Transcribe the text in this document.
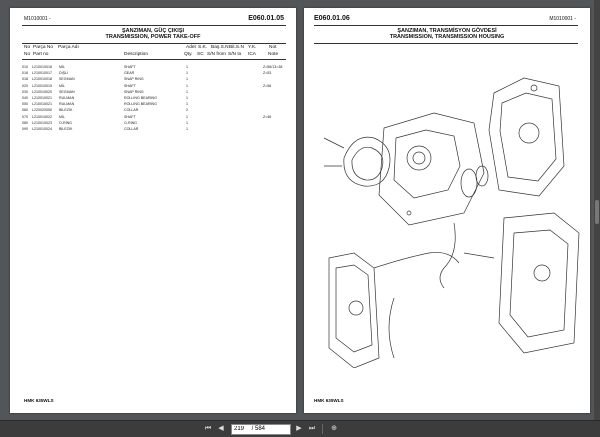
M1010001 -	E060.01.05
ŞANZIMAN, GÜÇ ÇIKIŞI
TRANSMISSION, POWER TAKE-OFF
No Parça No Parça Adı	Adet S.K. Baş.S.N Bit.S.N Y.K.	Not
No Part no	Description	Qty. SC S/N from S/N to ICA	Note
010 L210010016 MİL	SHAFT	1	Z=56/13=38
016 L210010017 DİŞLİ	GEAR	1	Z=53
018 L210010018 SEGMAN	SNAP RING	1
020 L210010019 MİL	SHAFT	1	Z=56
030 L210010020 SEGMAN	SNAP RING	1
040 L210010021 RULMAN	ROLLING BEARING	1
050 L210010021 RULMAN	ROLLING BEARING	1
060 L220020050 BİLEZİK	COLLAR	2
070 L210010022 MİL	SHAFT	1	Z=46
080 L210010023 O-RİNG	O-RING	1
090 L210010024 BİLEZİK	COLLAR	1
HMK 635WLS
E060.01.06	M1010001 -
ŞANZIMAN, TRANSMİSYON GÖVDESİ
TRANSMISSION, TRANSMISSION HOUSING
HMK 635WLS
⏮	◀
219	/ 584	▶	⏭	⊕
